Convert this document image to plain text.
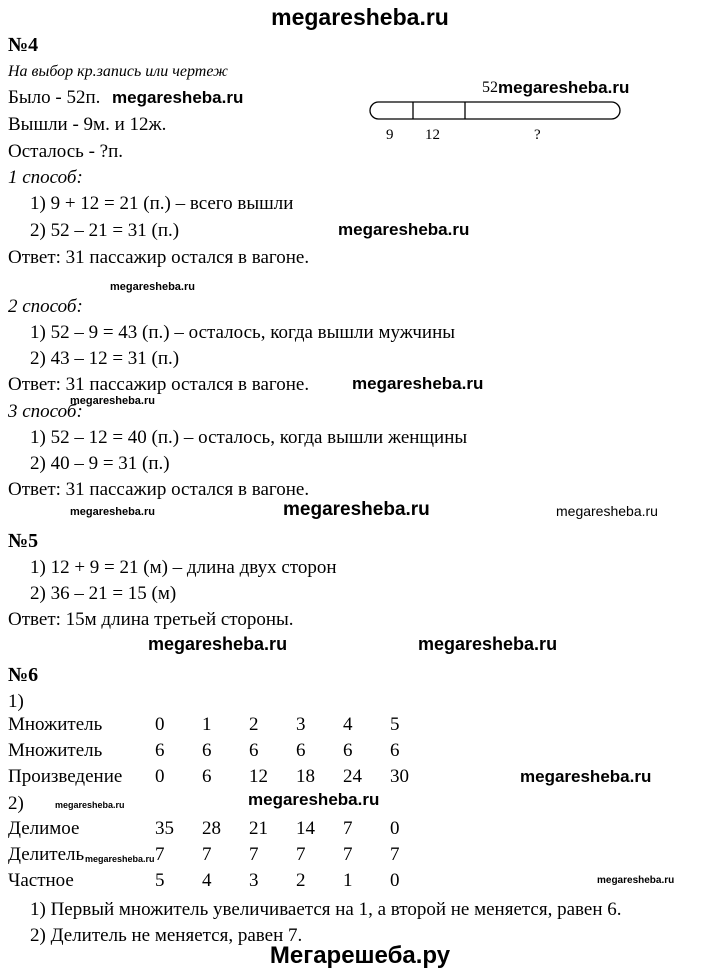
megaresheba.ru
№4
На выбор кр.запись или чертеж
Было - 52п.
Вышли - 9м. и 12ж.
Осталось - ?п.
52
9 12	?
1 способ:
1) 9 + 12 = 21 (п.) – всего вышли
2) 52 – 21 = 31 (п.)
Ответ: 31 пассажир остался в вагоне.
2 способ:
1) 52 – 9 = 43 (п.) – осталось, когда вышли мужчины
2) 43 – 12 = 31 (п.)
Ответ: 31 пассажир остался в вагоне.
3 способ:
1) 52 – 12 = 40 (п.) – осталось, когда вышли женщины
2) 40 – 9 = 31 (п.)
Ответ: 31 пассажир остался в вагоне.
№5
1) 12 + 9 = 21 (м) – длина двух сторон
2) 36 – 21 = 15 (м)
Ответ: 15м длина третьей стороны.
№6
1)
Множитель	0	1	2	3	4	5
Множитель	6	6	6	6	6	6
Произведение	0	6	12	18	24	30
2)
Делимое	35	28	21	14	7	0
Делитель	7	7	7	7	7	7
Частное	5	4	3	2	1	0
1) Первый множитель увеличивается на 1, а второй не меняется, равен 6.
2) Делитель не меняется, равен 7.
megaresheba.ru
megaresheba.ru
megaresheba.ru
megaresheba.ru
megaresheba.ru
megaresheba.ru
megaresheba.ru	megaresheba.ru	megaresheba.ru
megaresheba.ru	megaresheba.ru
megaresheba.ru
megaresheba.ru	megaresheba.ru
megaresheba.ru
megaresheba.ru
Мегарешеба.ру
